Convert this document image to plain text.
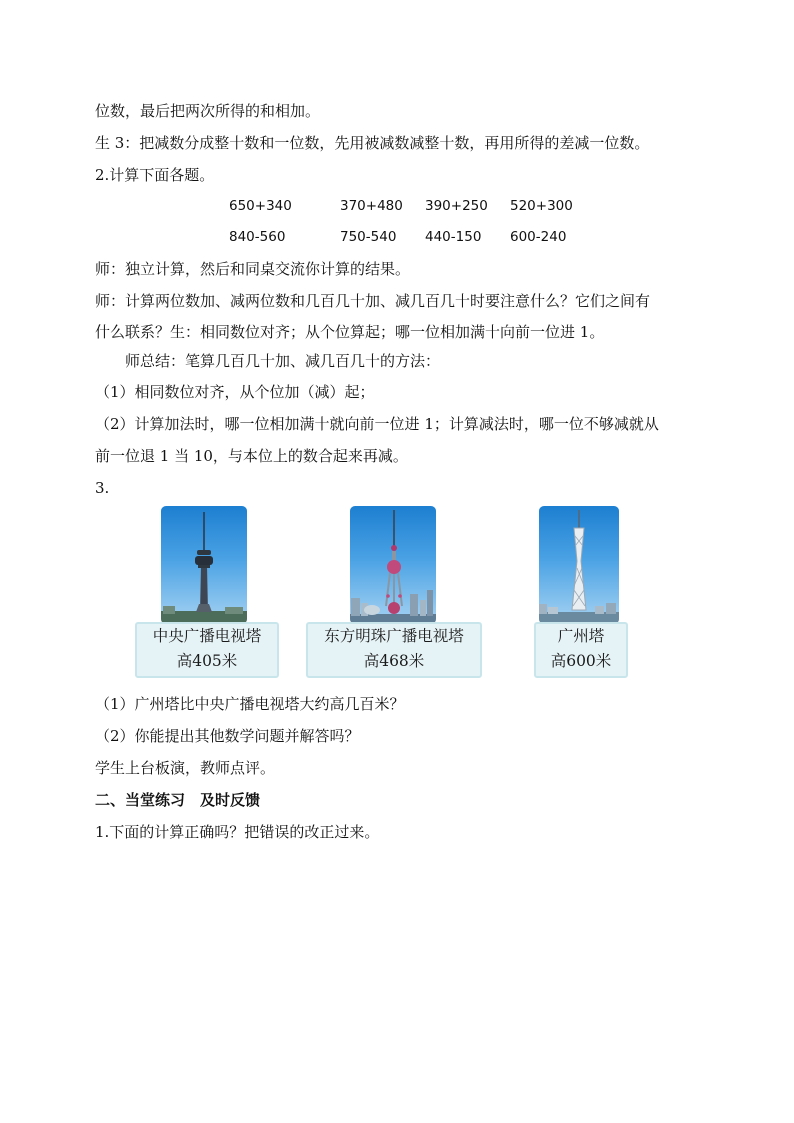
位数，最后把两次所得的和相加。
生 3：把减数分成整十数和一位数，先用被减数减整十数，再用所得的差减一位数。
2.计算下面各题。
650+340	370+480 390+250 520+300
840-560	750-540 440-150 600-240
师：独立计算，然后和同桌交流你计算的结果。
师：计算两位数加、减两位数和几百几十加、减几百几十时要注意什么？它们之间有
什么联系？生：相同数位对齐；从个位算起；哪一位相加满十向前一位进 1。
师总结：笔算几百几十加、减几百几十的方法：
（1）相同数位对齐，从个位加（减）起；
（2）计算加法时，哪一位相加满十就向前一位进 1；计算减法时，哪一位不够减就从
前一位退 1 当 10，与本位上的数合起来再减。
3.
中央广播电视塔
高405米
东方明珠广播电视塔
高468米
广州塔
高600米
（1）广州塔比中央广播电视塔大约高几百米？
（2）你能提出其他数学问题并解答吗？
学生上台板演，教师点评。
二、当堂练习　及时反馈
1.下面的计算正确吗？把错误的改正过来。
